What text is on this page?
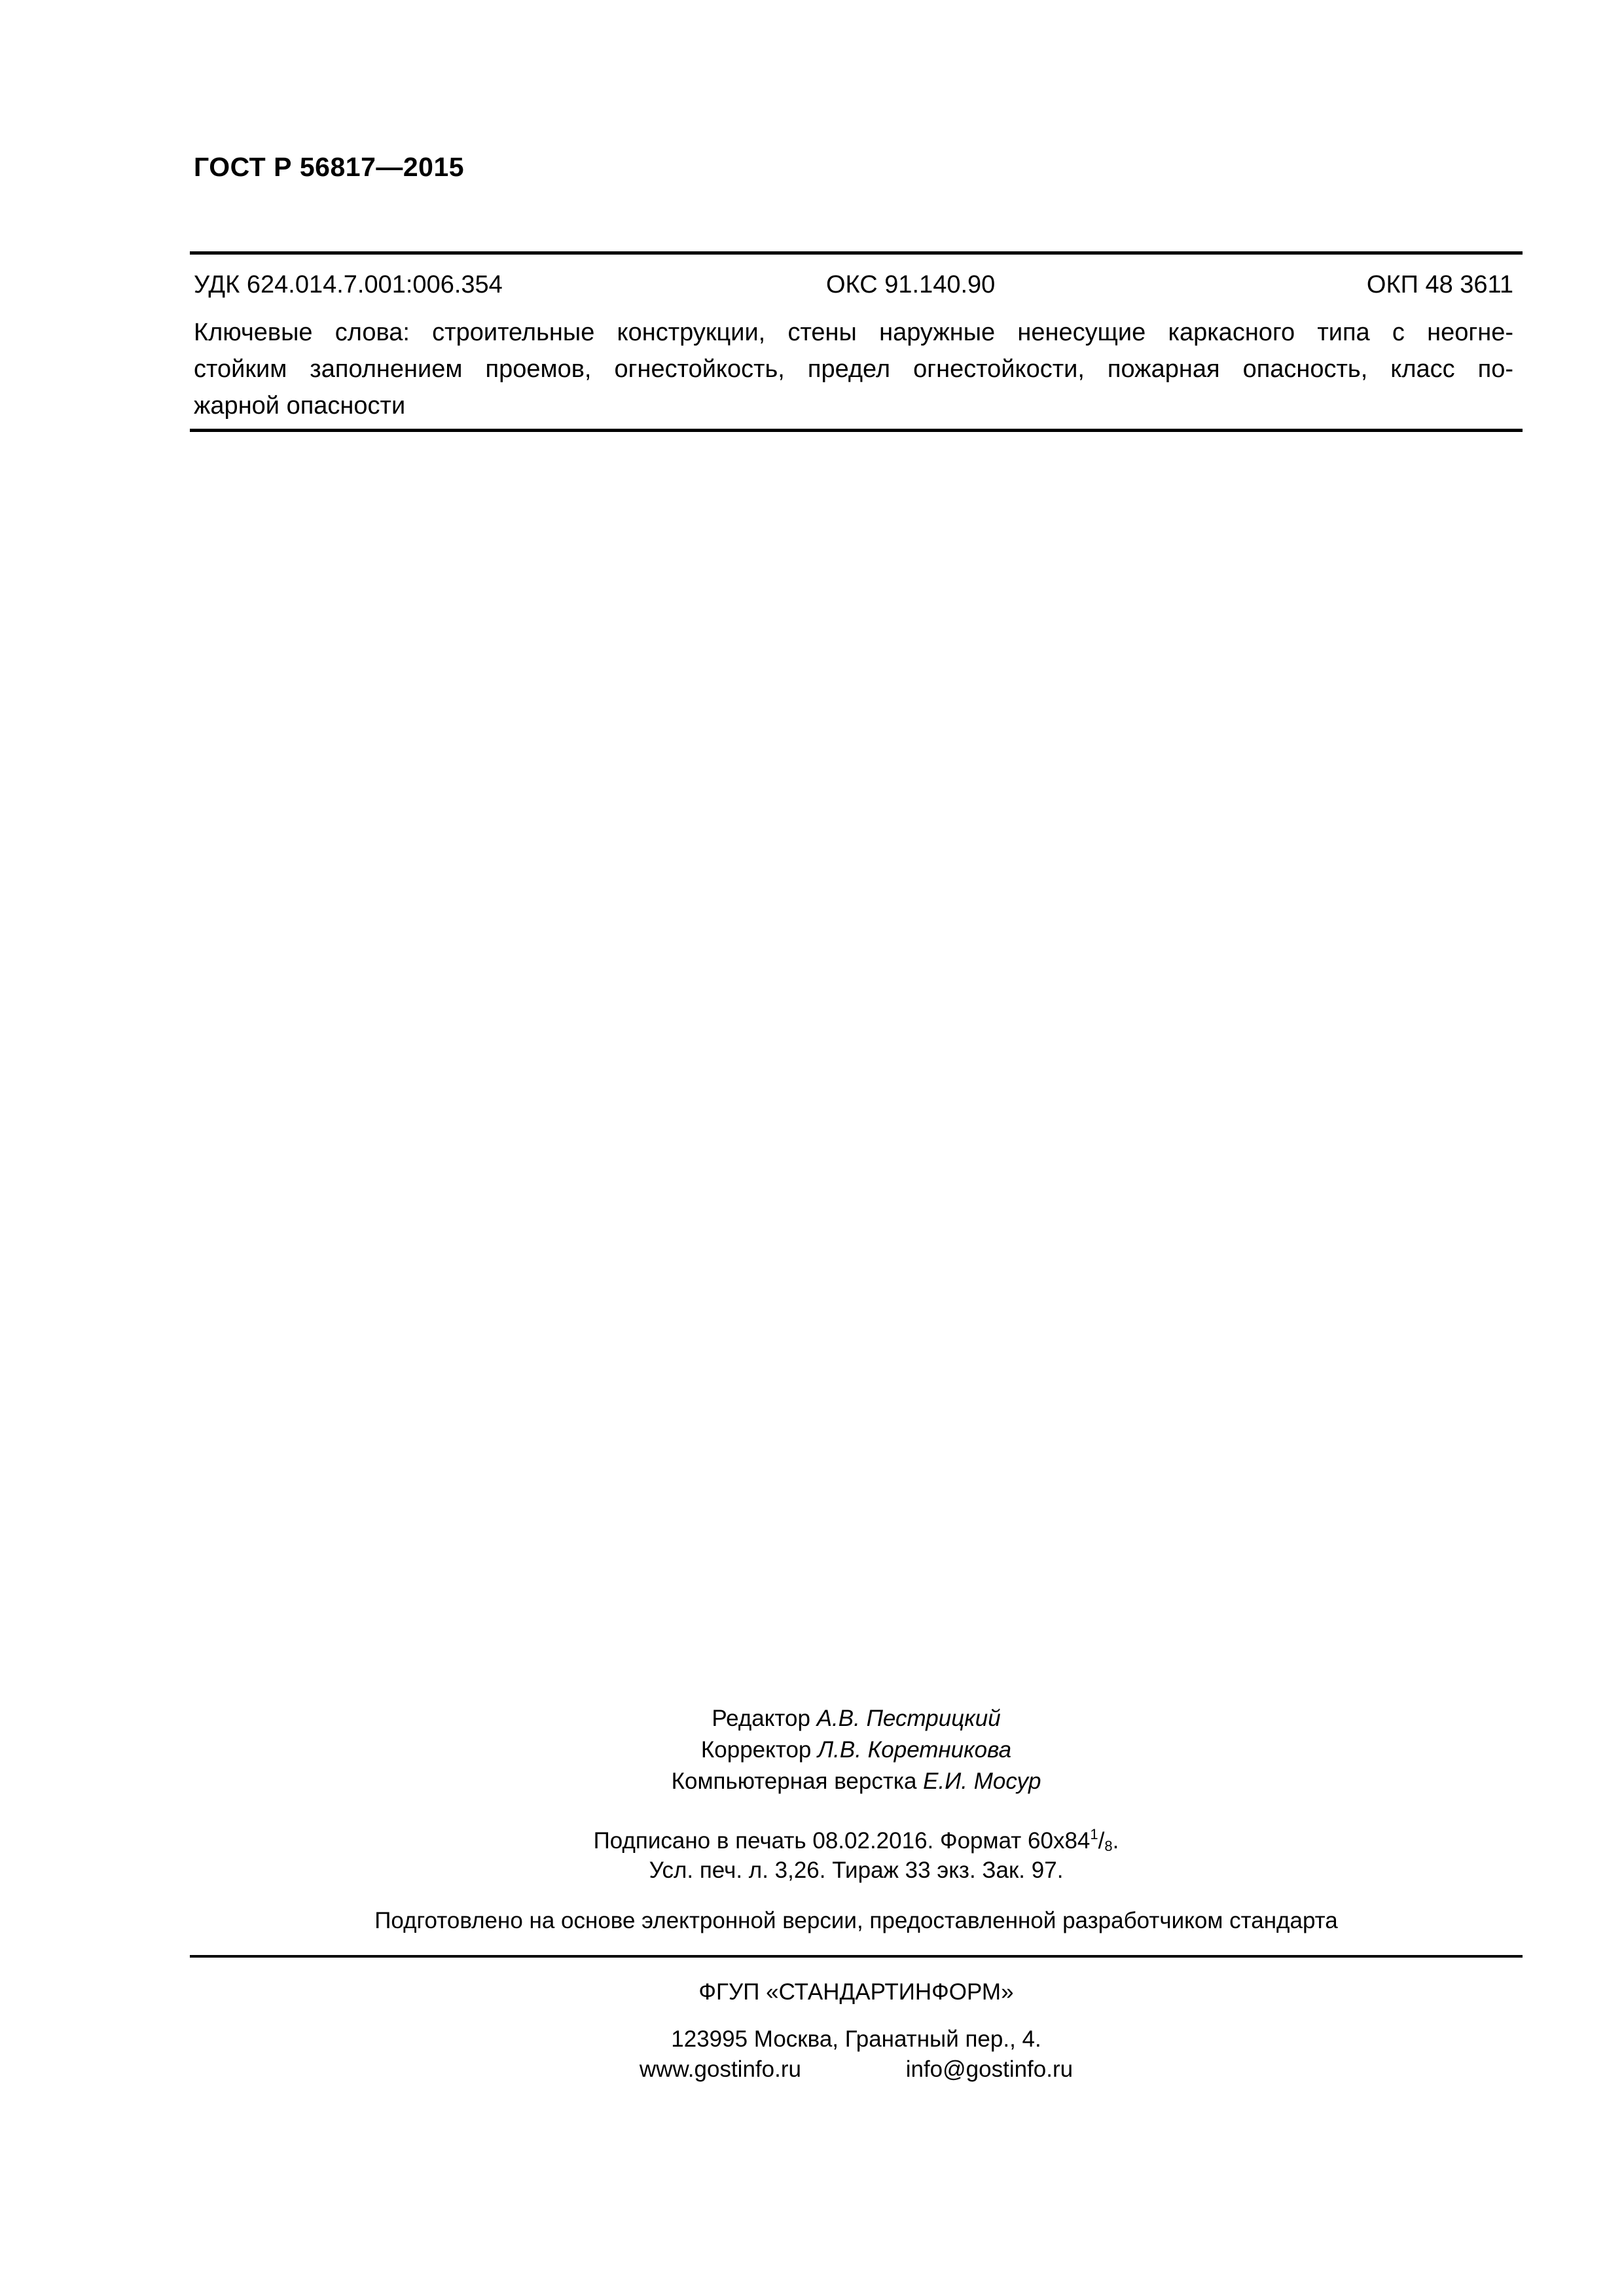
ГОСТ Р 56817—2015
УДК 624.014.7.001:006.354	ОКС 91.140.90	ОКП 48 3611
Ключевые слова: строительные конструкции, стены наружные ненесущие каркасного типа с неогне-
стойким заполнением проемов, огнестойкость, предел огнестойкости, пожарная опасность, класс по-
жарной опасности
Редактор А.В. Пестрицкий
Корректор Л.В. Коретникова
Компьютерная верстка Е.И. Мосур
Подписано в печать 08.02.2016. Формат $60x84^1/_8$.
Усл. печ. л. 3,26. Тираж 33 экз. Зак. 97.
Подготовлено на основе электронной версии, предоставленной разработчиком стандарта
ФГУП «СТАНДАРТИНФОРМ»
123995 Москва, Гранатный пер., 4.
www.gostinfo.ru	info@gostinfo.ru
